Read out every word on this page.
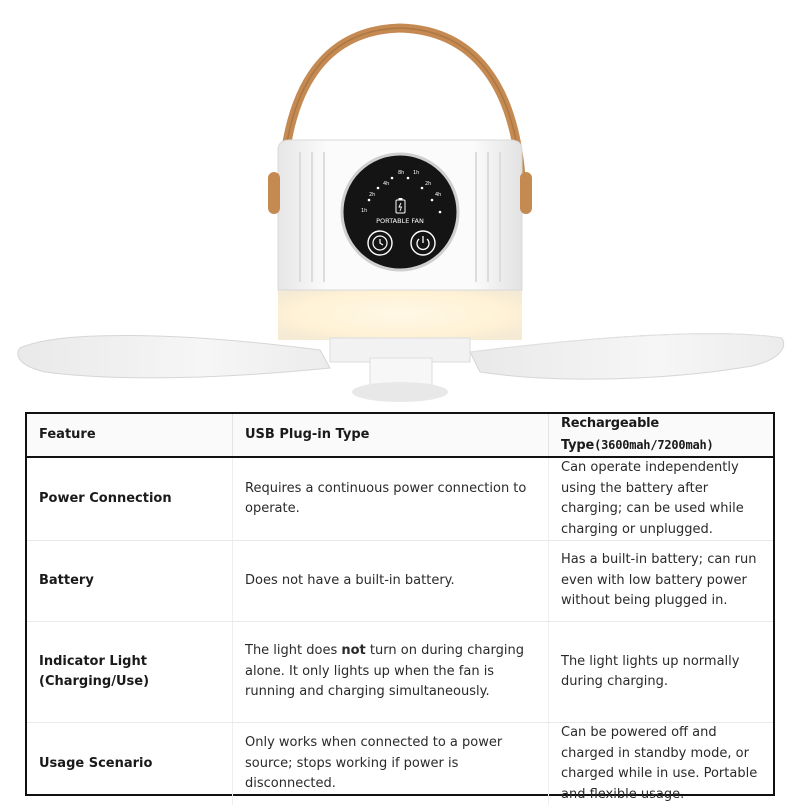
1h
2h
4h
8h 1h
2h
4h
PORTABLE FAN
Feature	USB Plug-in Type	Rechargeable Type(3600mah/7200mah)
Power Connection	Requires a continuous power connection to operate.	Can operate independently using the battery after charging; can be used while charging or unplugged.
Battery	Does not have a built-in battery.	Has a built-in battery; can run even with low battery power without being plugged in.
Indicator Light (Charging/Use)	The light does not turn on during charging alone. It only lights up when the fan is running and charging simultaneously.	The light lights up normally during charging.
Usage Scenario	Only works when connected to a power source; stops working if power is disconnected.	Can be powered off and charged in standby mode, or charged while in use. Portable and flexible usage.
